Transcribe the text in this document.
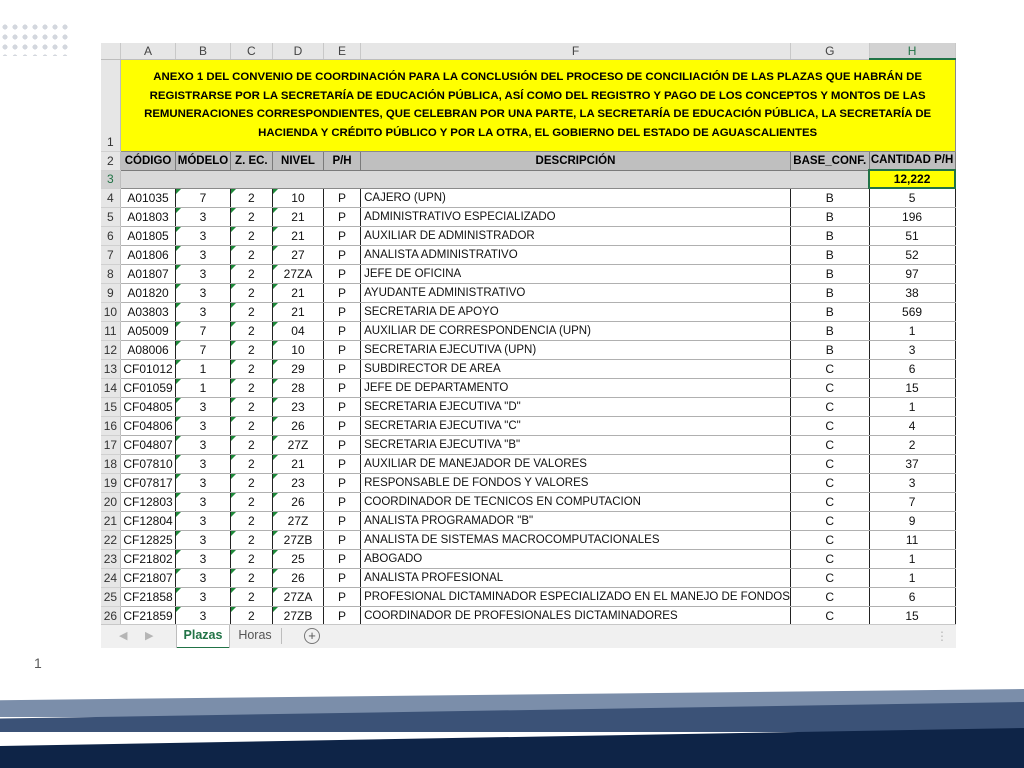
	A	B	C	D	E	F	G	H
1	ANEXO 1 DEL CONVENIO DE COORDINACIÓN PARA LA CONCLUSIÓN DEL PROCESO DE CONCILIACIÓN DE LAS PLAZAS QUE HABRÁN DE REGISTRARSE POR LA SECRETARÍA DE EDUCACIÓN PÚBLICA, ASÍ COMO DEL REGISTRO Y PAGO DE LOS CONCEPTOS Y MONTOS DE LAS REMUNERACIONES CORRESPONDIENTES, QUE CELEBRAN POR UNA PARTE, LA SECRETARÍA DE EDUCACIÓN PÚBLICA, LA SECRETARÍA DE HACIENDA Y CRÉDITO PÚBLICO Y POR LA OTRA, EL GOBIERNO DEL ESTADO DE AGUASCALIENTES							
2	CÓDIGO	MÓDELO	Z. EC.	NIVEL	P/H	DESCRIPCIÓN	BASE_CONF.	CANTIDAD P/H
3								12,222
4	A01035	7	2	10	P	CAJERO (UPN)	B	5
5	A01803	3	2	21	P	ADMINISTRATIVO ESPECIALIZADO	B	196
6	A01805	3	2	21	P	AUXILIAR DE ADMINISTRADOR	B	51
7	A01806	3	2	27	P	ANALISTA ADMINISTRATIVO	B	52
8	A01807	3	2	27ZA	P	JEFE DE OFICINA	B	97
9	A01820	3	2	21	P	AYUDANTE ADMINISTRATIVO	B	38
10	A03803	3	2	21	P	SECRETARIA DE APOYO	B	569
11	A05009	7	2	04	P	AUXILIAR DE CORRESPONDENCIA (UPN)	B	1
12	A08006	7	2	10	P	SECRETARIA EJECUTIVA (UPN)	B	3
13	CF01012	1	2	29	P	SUBDIRECTOR DE AREA	C	6
14	CF01059	1	2	28	P	JEFE DE DEPARTAMENTO	C	15
15	CF04805	3	2	23	P	SECRETARIA EJECUTIVA "D"	C	1
16	CF04806	3	2	26	P	SECRETARIA EJECUTIVA "C"	C	4
17	CF04807	3	2	27Z	P	SECRETARIA EJECUTIVA "B"	C	2
18	CF07810	3	2	21	P	AUXILIAR DE MANEJADOR DE VALORES	C	37
19	CF07817	3	2	23	P	RESPONSABLE DE FONDOS Y VALORES	C	3
20	CF12803	3	2	26	P	COORDINADOR DE TECNICOS EN COMPUTACION	C	7
21	CF12804	3	2	27Z	P	ANALISTA PROGRAMADOR "B"	C	9
22	CF12825	3	2	27ZB	P	ANALISTA DE SISTEMAS MACROCOMPUTACIONALES	C	11
23	CF21802	3	2	25	P	ABOGADO	C	1
24	CF21807	3	2	26	P	ANALISTA PROFESIONAL	C	1
25	CF21858	3	2	27ZA	P	PROFESIONAL DICTAMINADOR ESPECIALIZADO EN EL MANEJO DE FONDOS	C	6
26	CF21859	3	2	27ZB	P	COORDINADOR DE PROFESIONALES DICTAMINADORES	C	15
◀ ▶	Plazas	Horas	+	⋮
1
